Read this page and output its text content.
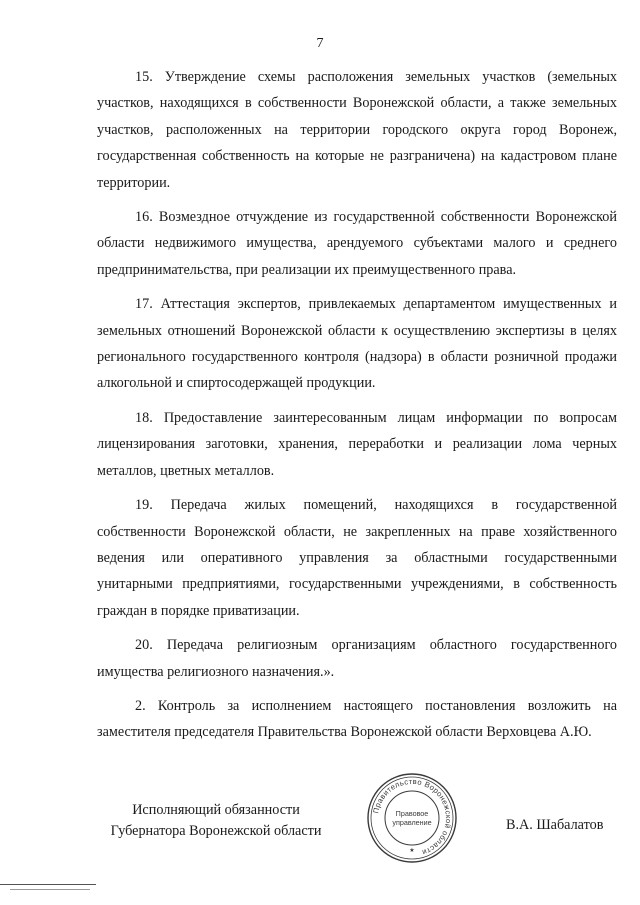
7

15. Утверждение схемы расположения земельных участков (земельных участков, находящихся в собственности Воронежской области, а также земельных участков, расположенных на территории городского округа город Воронеж, государственная собственность на которые не разграничена) на кадастровом плане территории.

16. Возмездное отчуждение из государственной собственности Воронежской области недвижимого имущества, арендуемого субъектами малого и среднего предпринимательства, при реализации их преимущественного права.

17. Аттестация экспертов, привлекаемых департаментом имущественных и земельных отношений Воронежской области к осуществлению экспертизы в целях регионального государственного контроля (надзора) в области розничной продажи алкогольной и спиртосодержащей продукции.

18. Предоставление заинтересованным лицам информации по вопросам лицензирования заготовки, хранения, переработки и реализации лома черных металлов, цветных металлов.

19. Передача жилых помещений, находящихся в государственной собственности Воронежской области, не закрепленных на праве хозяйственного ведения или оперативного управления за областными государственными унитарными предприятиями, государственными учреждениями, в собственность граждан в порядке приватизации.

20. Передача религиозным организациям областного государственного имущества религиозного назначения.».

2. Контроль за исполнением настоящего постановления возложить на заместителя председателя Правительства Воронежской области Верховцева А.Ю.

Исполняющий обязанности
Губернатора Воронежской области	В.А. Шабалатов
Правительство Воронежской области
Правовое
управление
★
